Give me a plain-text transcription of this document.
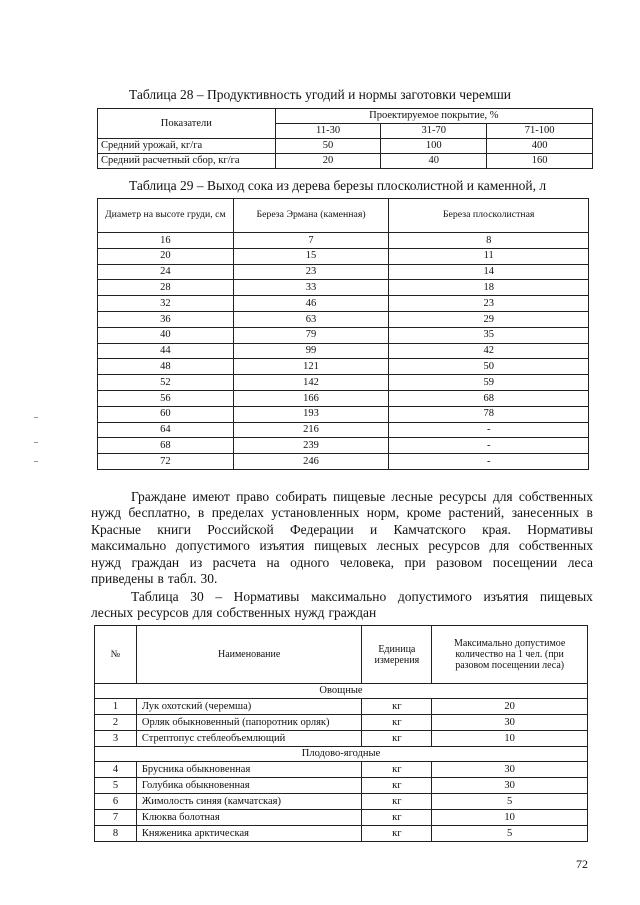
Таблица 28 – Продуктивность угодий и нормы заготовки черемши
Показатели	Проектируемое покрытие, %		
	11-30	31-70	71-100
Средний урожай, кг/га	50	100	400
Средний расчетный сбор, кг/га	20	40	160
Таблица 29 – Выход сока из дерева березы плосколистной и каменной, л
Диаметр на высоте груди, см	Береза Эрмана (каменная)	Береза плосколистная
16	7	8
20	15	11
24	23	14
28	33	18
32	46	23
36	63	29
40	79	35
44	99	42
48	121	50
52	142	59
56	166	68
60	193	78
64	216	-
68	239	-
72	246	-
Граждане имеют право собирать пищевые лесные ресурсы для собственных
нужд бесплатно, в пределах установленных норм, кроме растений, занесенных в
Красные книги Российской Федерации и Камчатского края. Нормативы
максимально допустимого изъятия пищевых лесных ресурсов для собственных
нужд граждан из расчета на одного человека, при разовом посещении леса
приведены в табл. 30.
Таблица 30 – Нормативы максимально допустимого изъятия пищевых
лесных ресурсов для собственных нужд граждан
№	Наименование	Единица измерения	Максимально допустимое количество на 1 чел. (при разовом посещении леса)
Овощные			
1	Лук охотский (черемша)	кг	20
2	Орляк обыкновенный (папоротник орляк)	кг	30
3	Стрептопус стеблеобъемлющий	кг	10
Плодово-ягодные			
4	Брусника обыкновенная	кг	30
5	Голубика обыкновенная	кг	30
6	Жимолость синяя (камчатская)	кг	5
7	Клюква болотная	кг	10
8	Княженика арктическая	кг	5
72
